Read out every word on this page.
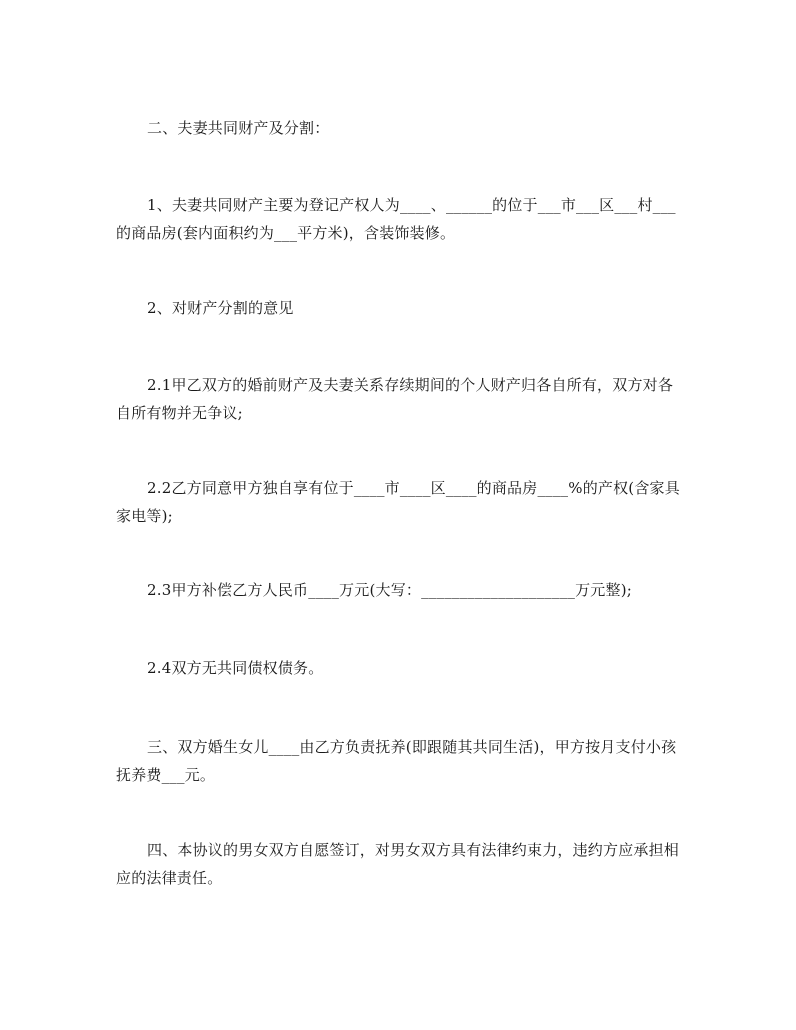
二、夫妻共同财产及分割：
1、夫妻共同财产主要为登记产权人为____、______的位于___市___区___村___的商品房(套内面积约为___平方米)，含装饰装修。
2、对财产分割的意见
2.1甲乙双方的婚前财产及夫妻关系存续期间的个人财产归各自所有，双方对各自所有物并无争议;
2.2乙方同意甲方独自享有位于____市____区____的商品房____%的产权(含家具家电等);
2.3甲方补偿乙方人民币____万元(大写：____________________万元整);
2.4双方无共同债权债务。
三、双方婚生女儿____由乙方负责抚养(即跟随其共同生活)，甲方按月支付小孩抚养费___元。
四、本协议的男女双方自愿签订，对男女双方具有法律约束力，违约方应承担相应的法律责任。
